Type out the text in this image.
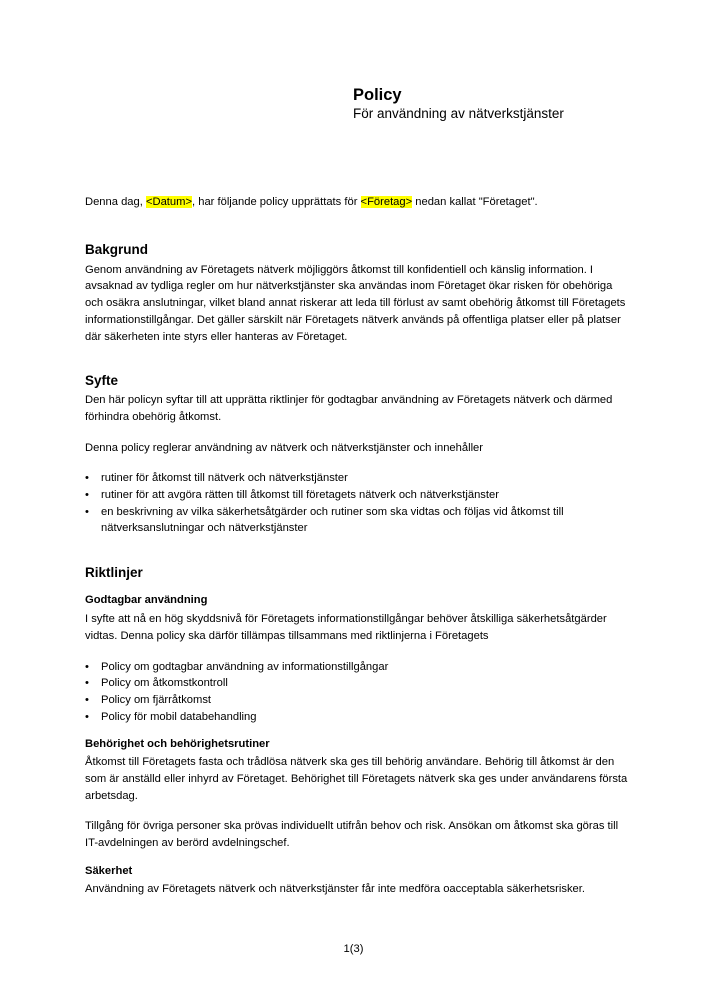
Policy
För användning av nätverkstjänster

Denna dag, <Datum>, har följande policy upprättats för <Företag> nedan kallat "Företaget".

Bakgrund

Genom användning av Företagets nätverk möjliggörs åtkomst till konfidentiell och känslig information. I avsaknad av tydliga regler om hur nätverkstjänster ska användas inom Företaget ökar risken för obehöriga och osäkra anslutningar, vilket bland annat riskerar att leda till förlust av samt obehörig åtkomst till Företagets informationstillgångar. Det gäller särskilt när Företagets nätverk används på offentliga platser eller på platser där säkerheten inte styrs eller hanteras av Företaget.

Syfte

Den här policyn syftar till att upprätta riktlinjer för godtagbar användning av Företagets nätverk och därmed förhindra obehörig åtkomst.

Denna policy reglerar användning av nätverk och nätverkstjänster och innehåller

• rutiner för åtkomst till nätverk och nätverkstjänster
• rutiner för att avgöra rätten till åtkomst till företagets nätverk och nätverkstjänster
• en beskrivning av vilka säkerhetsåtgärder och rutiner som ska vidtas och följas vid åtkomst till nätverksanslutningar och nätverkstjänster
Riktlinjer
Godtagbar användning

I syfte att nå en hög skyddsnivå för Företagets informationstillgångar behöver åtskilliga säkerhetsåtgärder vidtas. Denna policy ska därför tillämpas tillsammans med riktlinjerna i Företagets

• Policy om godtagbar användning av informationstillgångar
• Policy om åtkomstkontroll
• Policy om fjärråtkomst
• Policy för mobil databehandling
Behörighet och behörighetsrutiner

Åtkomst till Företagets fasta och trådlösa nätverk ska ges till behörig användare. Behörig till åtkomst är den som är anställd eller inhyrd av Företaget. Behörighet till Företagets nätverk ska ges under användarens första arbetsdag.

Tillgång för övriga personer ska prövas individuellt utifrån behov och risk. Ansökan om åtkomst ska göras till IT-avdelningen av berörd avdelningschef.

Säkerhet

Användning av Företagets nätverk och nätverkstjänster får inte medföra oacceptabla säkerhetsrisker.

1(3)
